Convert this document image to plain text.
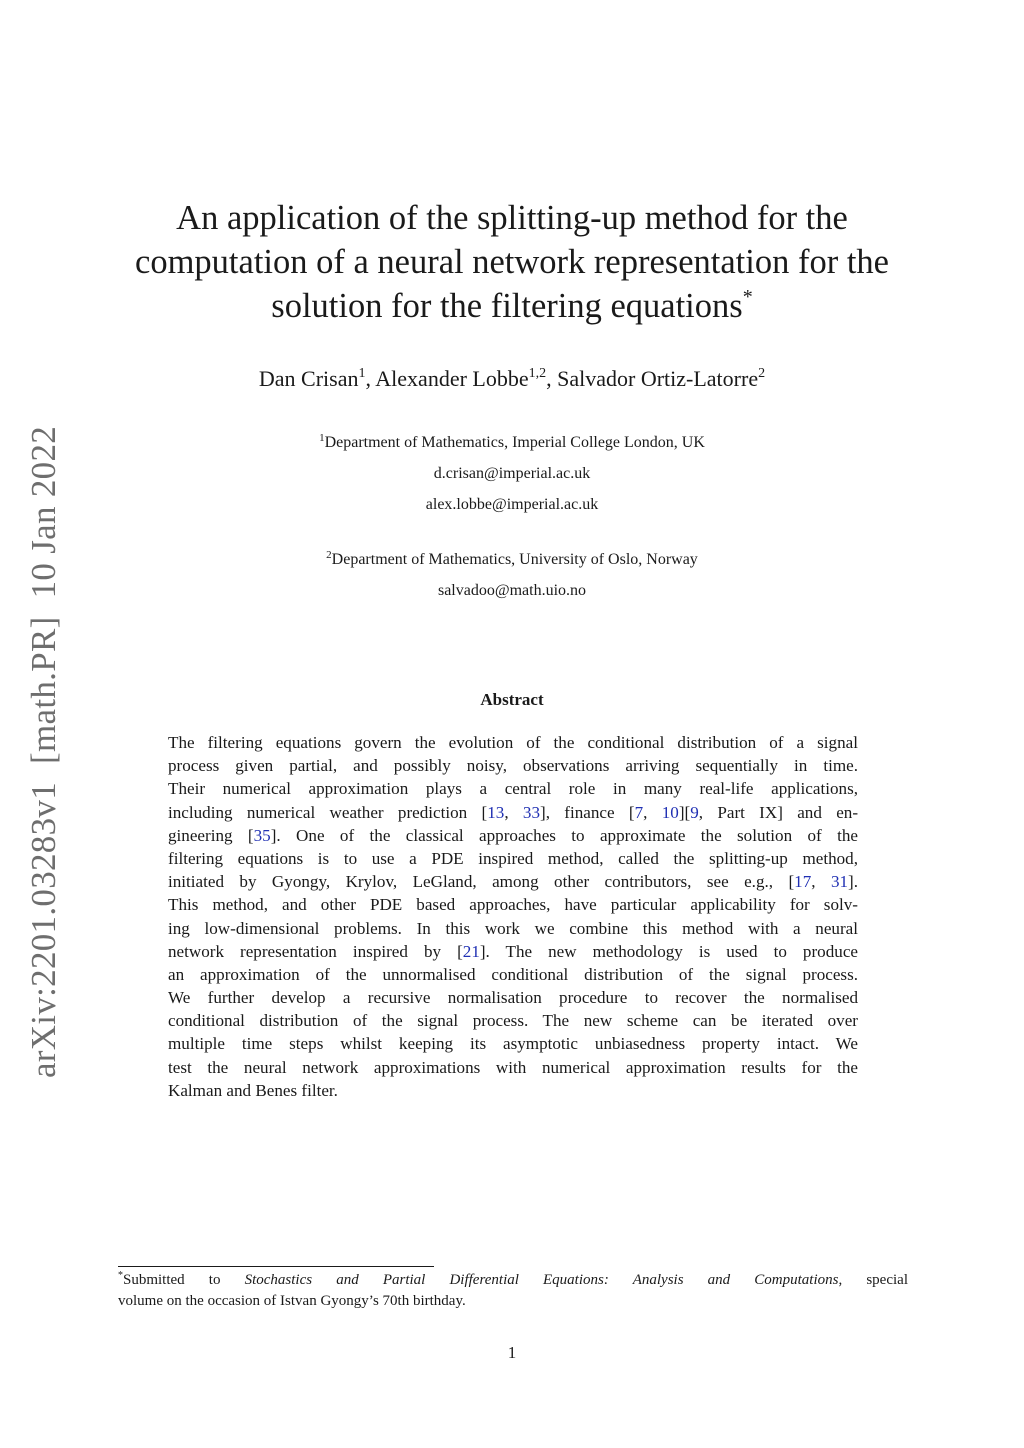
arXiv:2201.03283v1[math.PR]10 Jan 2022
An application of the splitting-up method for the
computation of a neural network representation for the
solution for the filtering equations*
Dan Crisan$^1$, Alexander Lobbe$^{1,2}$, Salvador Ortiz-Latorre$^2$
$^1$Department of Mathematics, Imperial College London, UK
d.crisan@imperial.ac.uk
alex.lobbe@imperial.ac.uk
$^2$Department of Mathematics, University of Oslo, Norway
salvadoo@math.uio.no
Abstract
The filtering equations govern the evolution of the conditional distribution of a signal
process given partial, and possibly noisy, observations arriving sequentially in time.
Their numerical approximation plays a central role in many real-life applications,
including numerical weather prediction [13, 33], finance [7, 10][9, Part IX] and en-
gineering [35]. One of the classical approaches to approximate the solution of the
filtering equations is to use a PDE inspired method, called the splitting-up method,
initiated by Gyongy, Krylov, LeGland, among other contributors, see e.g., [17, 31].
This method, and other PDE based approaches, have particular applicability for solv-
ing low-dimensional problems. In this work we combine this method with a neural
network representation inspired by [21]. The new methodology is used to produce
an approximation of the unnormalised conditional distribution of the signal process.
We further develop a recursive normalisation procedure to recover the normalised
conditional distribution of the signal process. The new scheme can be iterated over
multiple time steps whilst keeping its asymptotic unbiasedness property intact. We
test the neural network approximations with numerical approximation results for the
Kalman and Benes filter.
*Submitted to Stochastics and Partial Differential Equations: Analysis and Computations, special
volume on the occasion of Istvan Gyongy’s 70th birthday.
1
